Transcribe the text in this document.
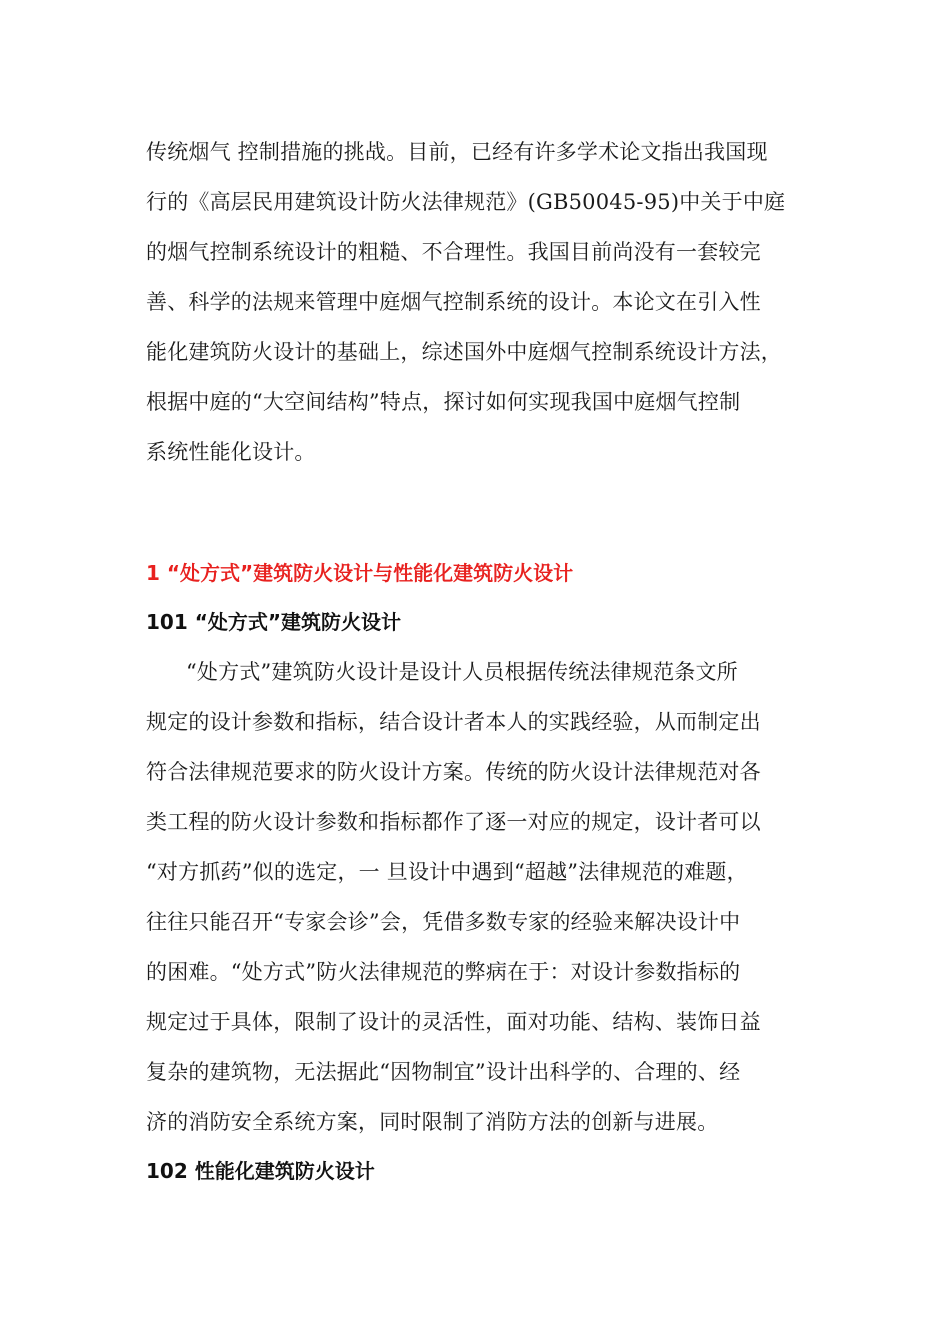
传统烟气 控制措施的挑战。目前，已经有许多学术论文指出我国现
行的《高层民用建筑设计防火法律规范》(GB50045-95)中关于中庭
的烟气控制系统设计的粗糙、不合理性。我国目前尚没有一套较完
善、科学的法规来管理中庭烟气控制系统的设计。本论文在引入性
能化建筑防火设计的基础上，综述国外中庭烟气控制系统设计方法，
根据中庭的“大空间结构”特点，探讨如何实现我国中庭烟气控制
系统性能化设计。
1 “处方式”建筑防火设计与性能化建筑防火设计
101 “处方式”建筑防火设计
“处方式”建筑防火设计是设计人员根据传统法律规范条文所
规定的设计参数和指标，结合设计者本人的实践经验，从而制定出
符合法律规范要求的防火设计方案。传统的防火设计法律规范对各
类工程的防火设计参数和指标都作了逐一对应的规定，设计者可以
“对方抓药”似的选定，一 旦设计中遇到“超越”法律规范的难题，
往往只能召开“专家会诊”会，凭借多数专家的经验来解决设计中
的困难。“处方式”防火法律规范的弊病在于：对设计参数指标的
规定过于具体，限制了设计的灵活性，面对功能、结构、装饰日益
复杂的建筑物，无法据此“因物制宜”设计出科学的、合理的、经
济的消防安全系统方案，同时限制了消防方法的创新与进展。
102 性能化建筑防火设计
